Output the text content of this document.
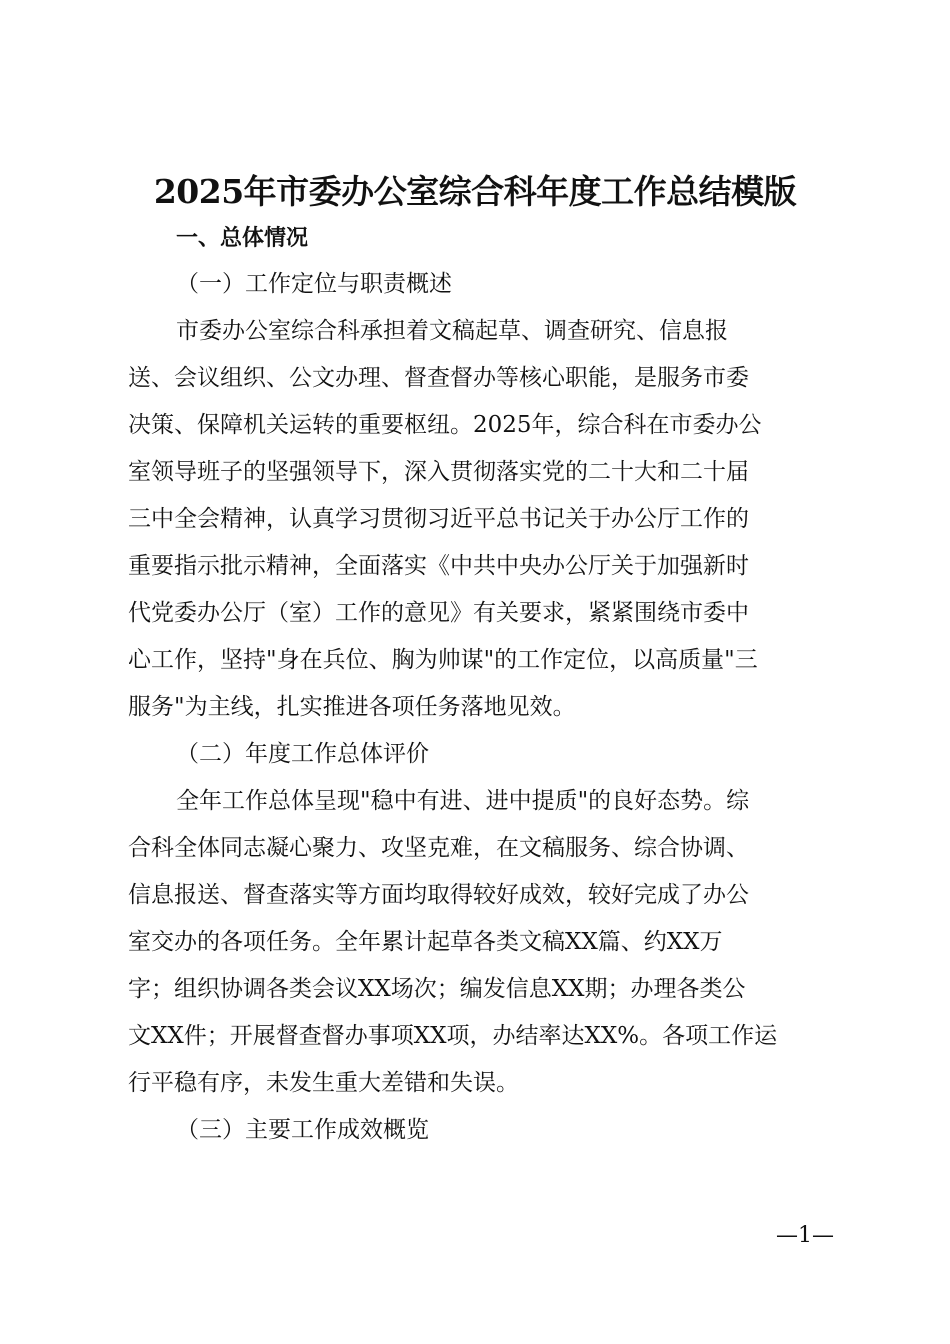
2025年市委办公室综合科年度工作总结模版

一、总体情况

（一）工作定位与职责概述

市委办公室综合科承担着文稿起草、调查研究、信息报

送、会议组织、公文办理、督查督办等核心职能，是服务市委

决策、保障机关运转的重要枢纽。2025年，综合科在市委办公

室领导班子的坚强领导下，深入贯彻落实党的二十大和二十届

三中全会精神，认真学习贯彻习近平总书记关于办公厅工作的

重要指示批示精神，全面落实《中共中央办公厅关于加强新时

代党委办公厅（室）工作的意见》有关要求，紧紧围绕市委中

心工作，坚持"身在兵位、胸为帅谋"的工作定位，以高质量"三

服务"为主线，扎实推进各项任务落地见效。

（二）年度工作总体评价

全年工作总体呈现"稳中有进、进中提质"的良好态势。综

合科全体同志凝心聚力、攻坚克难，在文稿服务、综合协调、

信息报送、督查落实等方面均取得较好成效，较好完成了办公

室交办的各项任务。全年累计起草各类文稿XX篇、约XX万

字；组织协调各类会议XX场次；编发信息XX期；办理各类公

文XX件；开展督查督办事项XX项，办结率达XX%。各项工作运

行平稳有序，未发生重大差错和失误。

（三）主要工作成效概览

—1—
